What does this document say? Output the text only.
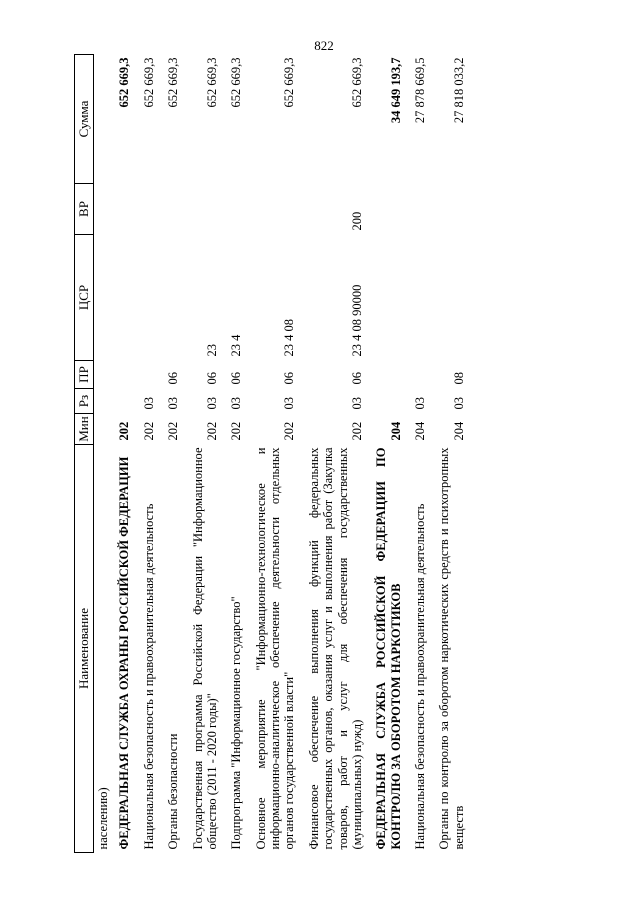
822
Наименование	Мин	Рз	ПР	ЦСР	ВР	Сумма
населению)						
ФЕДЕРАЛЬНАЯ СЛУЖБА ОХРАНЫ РОССИЙСКОЙ ФЕДЕРАЦИИ	202					652 669,3
Национальная безопасность и правоохранительная деятельность	202	03				652 669,3
Органы безопасности	202	03	06			652 669,3
Государственная программа Российской Федерации "Информационное общество (2011 - 2020 годы)"	202	03	06	23		652 669,3
Подпрограмма "Информационное государство"	202	03	06	23 4		652 669,3
Основное мероприятие "Информационно-технологическое и информационно-аналитическое обеспечение деятельности отдельных органов государственной власти"	202	03	06	23 4 08		652 669,3
Финансовое обеспечение выполнения функций федеральных государственных органов, оказания услуг и выполнения работ (Закупка товаров, работ и услуг для обеспечения государственных (муниципальных) нужд)	202	03	06	23 4 08 90000	200	652 669,3
ФЕДЕРАЛЬНАЯ СЛУЖБА РОССИЙСКОЙ ФЕДЕРАЦИИ ПО КОНТРОЛЮ ЗА ОБОРОТОМ НАРКОТИКОВ	204					34 649 193,7
Национальная безопасность и правоохранительная деятельность	204	03				27 878 669,5
Органы по контролю за оборотом наркотических средств и психотропных веществ	204	03	08			27 818 033,2
